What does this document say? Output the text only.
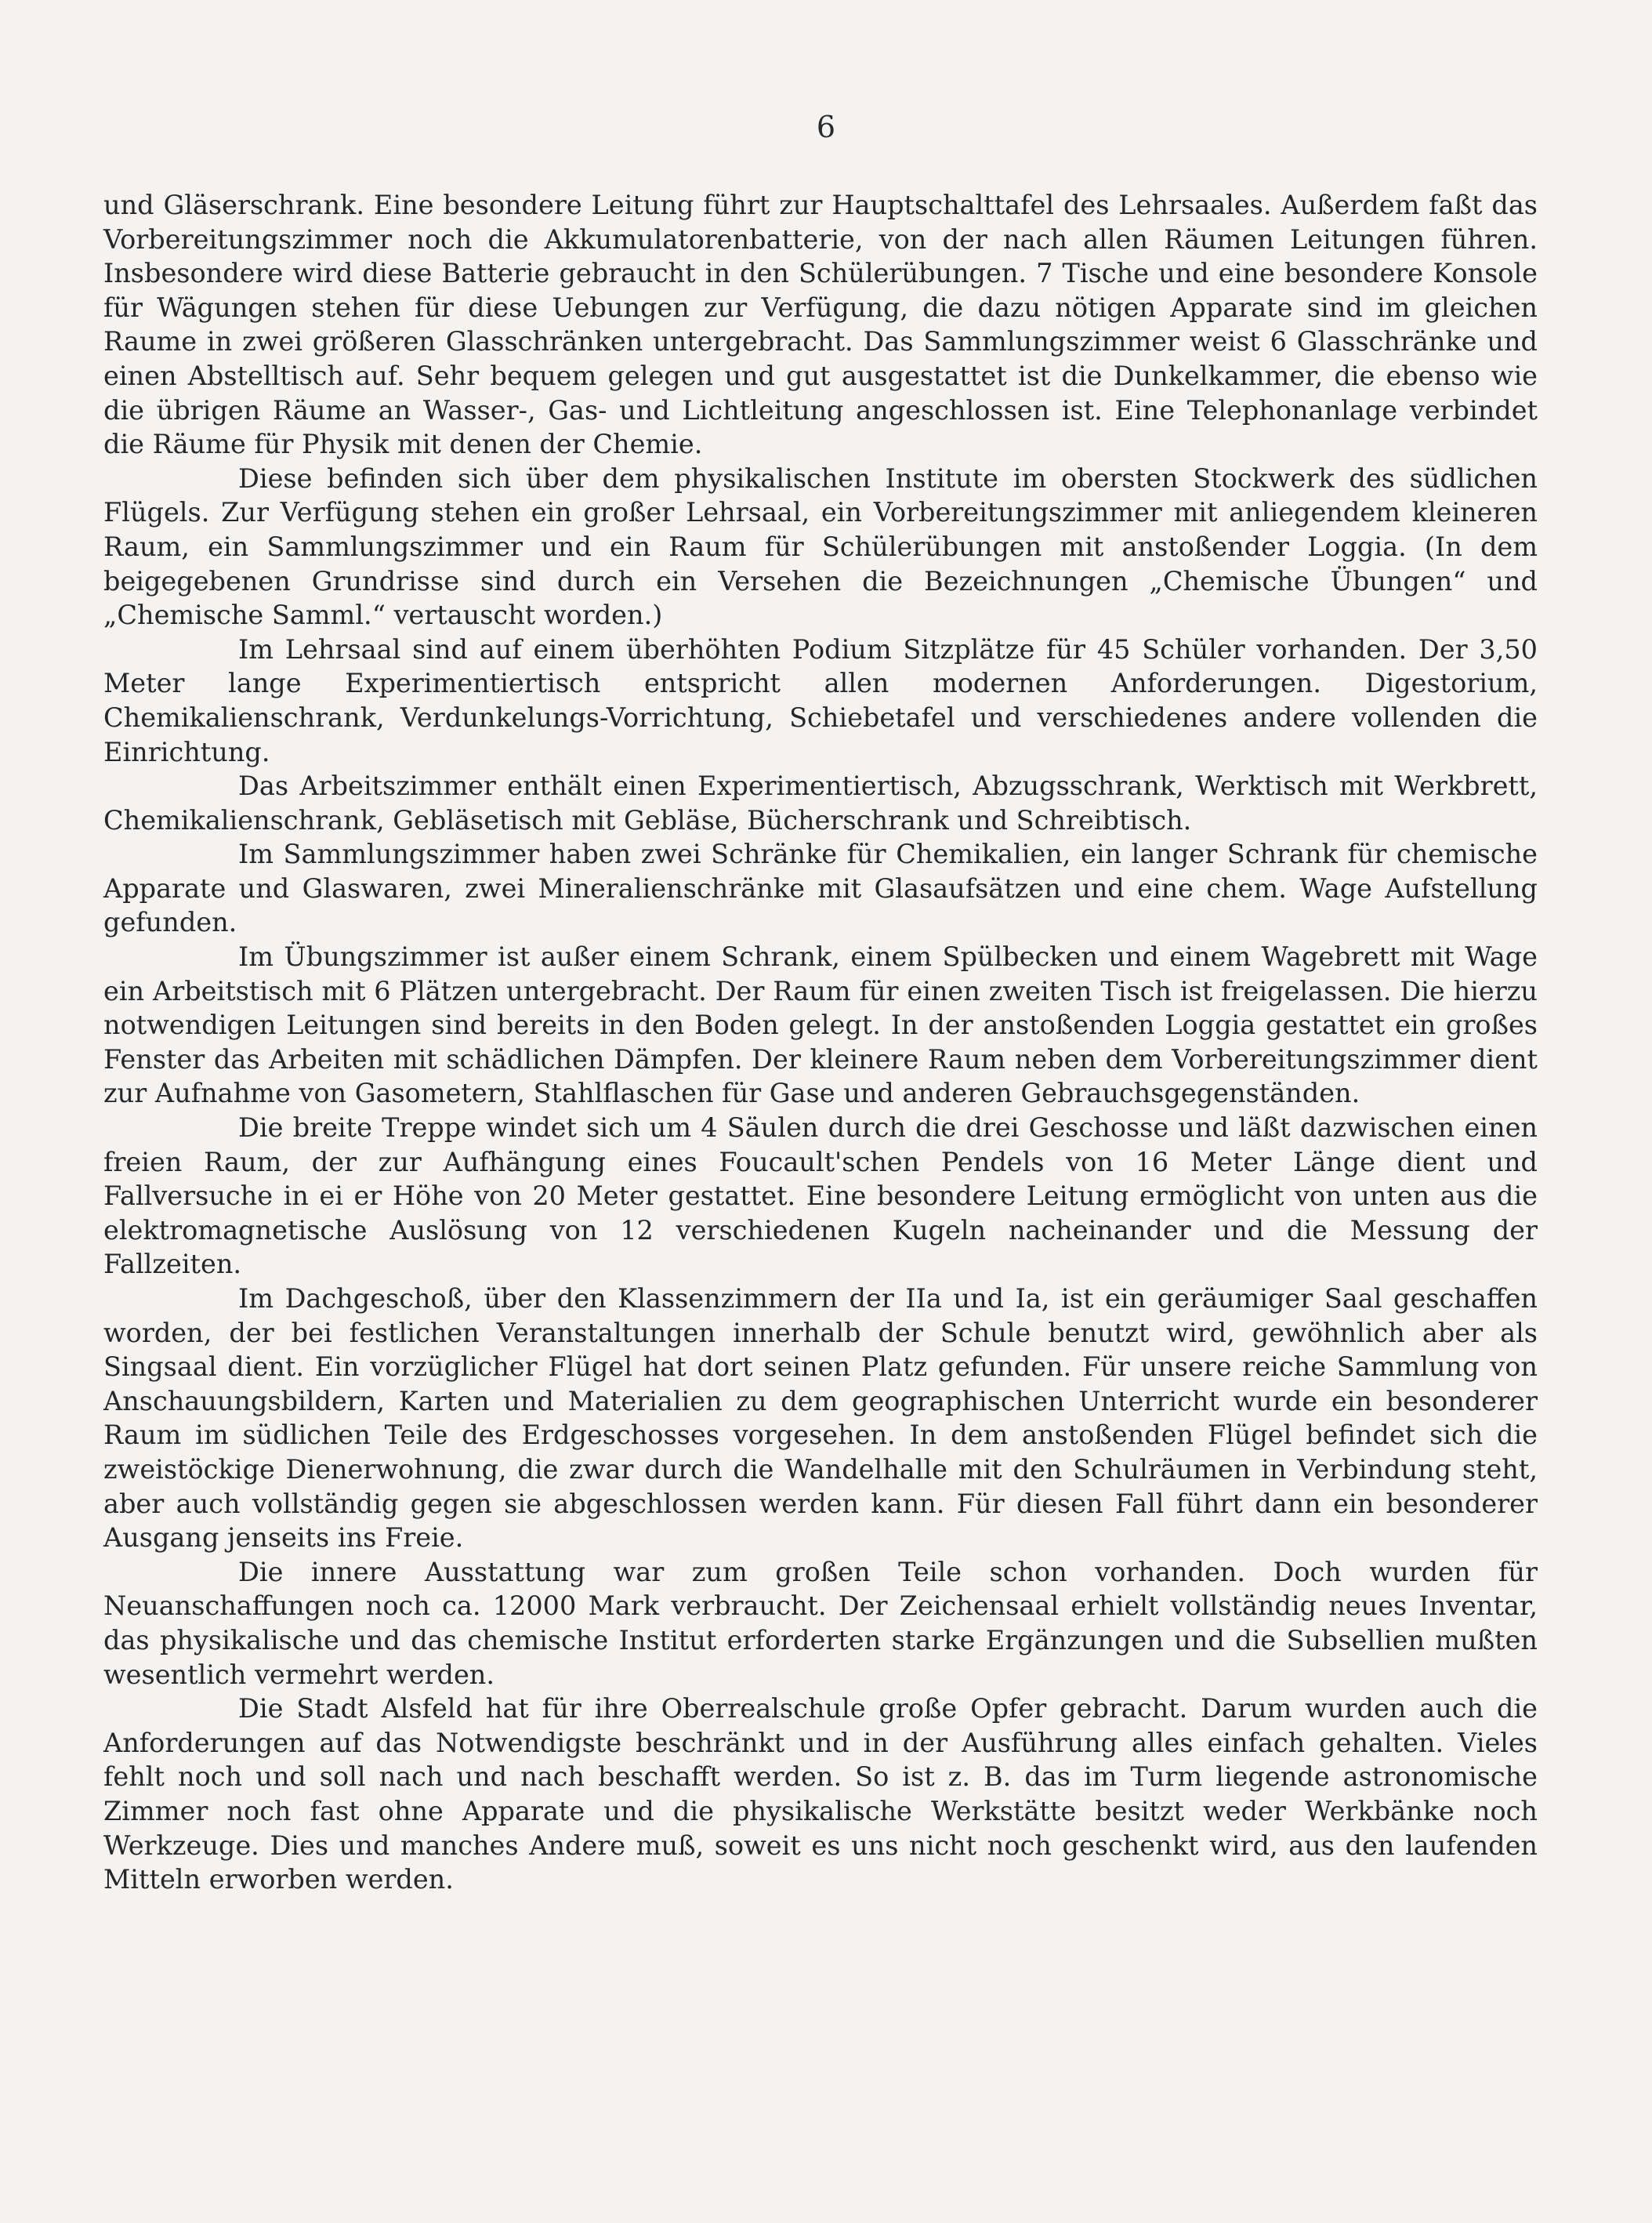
6

und Gläserschrank. Eine besondere Leitung führt zur Hauptschalttafel des Lehrsaales. Außerdem faßt das Vorbereitungszimmer noch die Akkumulatorenbatterie, von der nach allen Räumen Leitungen führen. Insbesondere wird diese Batterie gebraucht in den Schülerübungen. 7 Tische und eine besondere Konsole für Wägungen stehen für diese Uebungen zur Verfügung, die dazu nötigen Apparate sind im gleichen Raume in zwei größeren Glasschränken untergebracht. Das Sammlungszimmer weist 6 Glasschränke und einen Abstelltisch auf. Sehr bequem gelegen und gut ausgestattet ist die Dunkelkammer, die ebenso wie die übrigen Räume an Wasser-, Gas- und Lichtleitung angeschlossen ist. Eine Telephonanlage verbindet die Räume für Physik mit denen der Chemie.

Diese befinden sich über dem physikalischen Institute im obersten Stockwerk des südlichen Flügels. Zur Verfügung stehen ein großer Lehrsaal, ein Vorbereitungszimmer mit anliegendem kleineren Raum, ein Sammlungszimmer und ein Raum für Schülerübungen mit anstoßender Loggia. (In dem beigegebenen Grundrisse sind durch ein Versehen die Bezeichnungen „Chemische Übungen“ und „Chemische Samml.“ vertauscht worden.)

Im Lehrsaal sind auf einem überhöhten Podium Sitzplätze für 45 Schüler vorhanden. Der 3,50 Meter lange Experimentiertisch entspricht allen modernen Anforderungen. Digestorium, Chemikalienschrank, Verdunkelungs-Vorrichtung, Schiebetafel und verschiedenes andere vollenden die Einrichtung.

Das Arbeitszimmer enthält einen Experimentiertisch, Abzugsschrank, Werktisch mit Werkbrett, Chemikalienschrank, Gebläsetisch mit Gebläse, Bücherschrank und Schreibtisch.

Im Sammlungszimmer haben zwei Schränke für Chemikalien, ein langer Schrank für chemische Apparate und Glaswaren, zwei Mineralienschränke mit Glasaufsätzen und eine chem. Wage Aufstellung gefunden.

Im Übungszimmer ist außer einem Schrank, einem Spülbecken und einem Wagebrett mit Wage ein Arbeitstisch mit 6 Plätzen untergebracht. Der Raum für einen zweiten Tisch ist freigelassen. Die hierzu notwendigen Leitungen sind bereits in den Boden gelegt. In der anstoßenden Loggia gestattet ein großes Fenster das Arbeiten mit schädlichen Dämpfen. Der kleinere Raum neben dem Vorbereitungszimmer dient zur Aufnahme von Gasometern, Stahlflaschen für Gase und anderen Gebrauchsgegenständen.

Die breite Treppe windet sich um 4 Säulen durch die drei Geschosse und läßt dazwischen einen freien Raum, der zur Aufhängung eines Foucault'schen Pendels von 16 Meter Länge dient und Fallversuche in ei er Höhe von 20 Meter gestattet. Eine besondere Leitung ermöglicht von unten aus die elektromagnetische Auslösung von 12 verschiedenen Kugeln nacheinander und die Messung der Fallzeiten.

Im Dachgeschoß, über den Klassenzimmern der IIa und Ia, ist ein geräumiger Saal geschaffen worden, der bei festlichen Veranstaltungen innerhalb der Schule benutzt wird, gewöhnlich aber als Singsaal dient. Ein vorzüglicher Flügel hat dort seinen Platz gefunden. Für unsere reiche Sammlung von Anschauungsbildern, Karten und Materialien zu dem geographischen Unterricht wurde ein besonderer Raum im südlichen Teile des Erdgeschosses vorgesehen. In dem anstoßenden Flügel befindet sich die zweistöckige Dienerwohnung, die zwar durch die Wandelhalle mit den Schulräumen in Verbindung steht, aber auch vollständig gegen sie abgeschlossen werden kann. Für diesen Fall führt dann ein besonderer Ausgang jenseits ins Freie.

Die innere Ausstattung war zum großen Teile schon vorhanden. Doch wurden für Neuanschaffungen noch ca. 12000 Mark verbraucht. Der Zeichensaal erhielt vollständig neues Inventar, das physikalische und das chemische Institut erforderten starke Ergänzungen und die Subsellien mußten wesentlich vermehrt werden.

Die Stadt Alsfeld hat für ihre Oberrealschule große Opfer gebracht. Darum wurden auch die Anforderungen auf das Notwendigste beschränkt und in der Ausführung alles einfach gehalten. Vieles fehlt noch und soll nach und nach beschafft werden. So ist z. B. das im Turm liegende astronomische Zimmer noch fast ohne Apparate und die physikalische Werkstätte besitzt weder Werkbänke noch Werkzeuge. Dies und manches Andere muß, soweit es uns nicht noch geschenkt wird, aus den laufenden Mitteln erworben werden.
